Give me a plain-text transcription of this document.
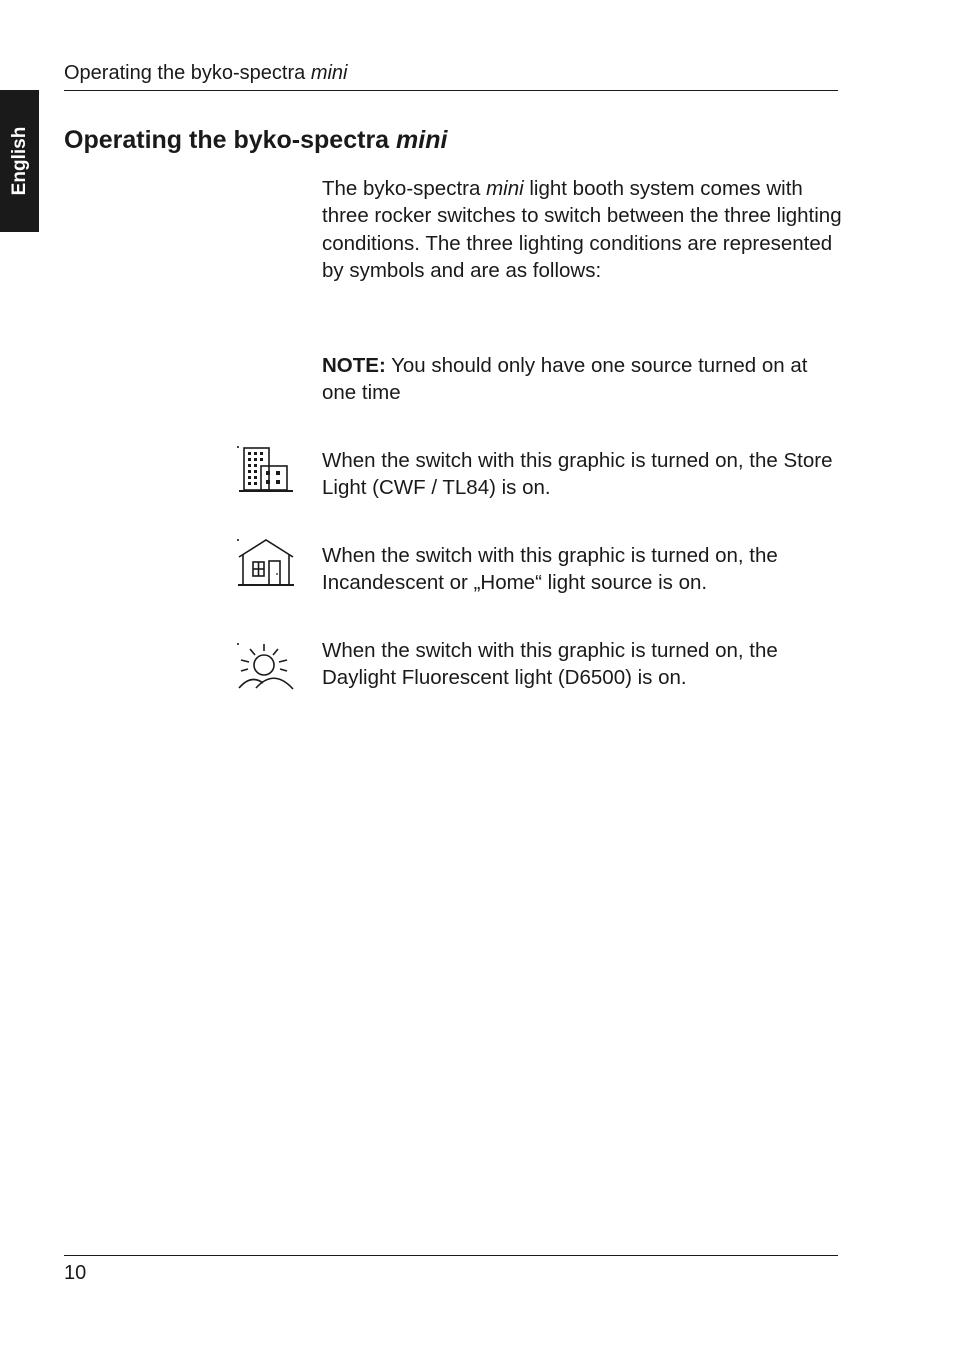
English
Operating the byko-spectra mini
Operating the byko-spectra mini

The byko-spectra mini light booth system comes with three rocker switches to switch between the three lighting conditions. The three lighting conditions are represented by symbols and are as follows:

NOTE: You should only have one source turned on at one time

When the switch with this graphic is turned on, the Store Light (CWF / TL84) is on.

When the switch with this graphic is turned on, the Incandescent or „Home“ light source is on.

When the switch with this graphic is turned on, the Daylight Fluorescent light (D6500) is on.

10
